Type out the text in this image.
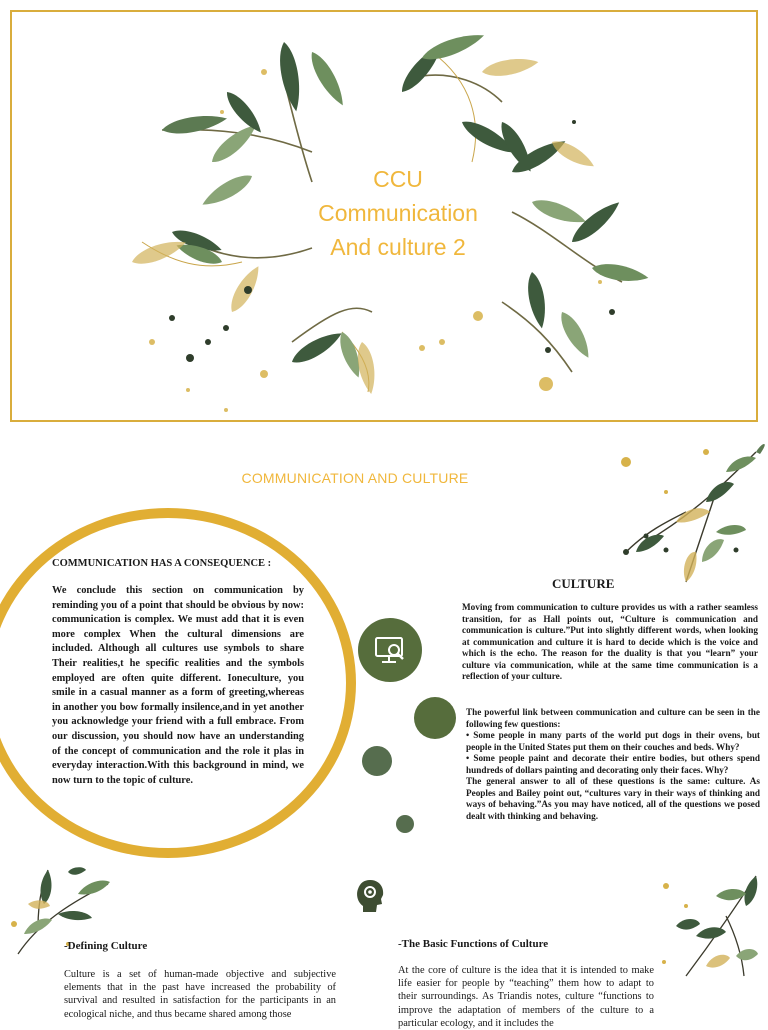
CCU
Communication
And culture 2
COMMUNICATION AND CULTURE
COMMUNICATION HAS A CONSEQUENCE :
We conclude this section on communication by reminding you of a point that should be obvious by now: communication is complex. We must add that it is even more complex When the cultural dimensions are included. Although all cultures use symbols to share Their realities,t he specific realities and the symbols employed are often quite different. Ioneculture, you smile in a casual manner as a form of greeting,whereas in another you bow formally insilence,and in yet another you acknowledge your friend with a full embrace. From our discussion, you should now have an understanding of the concept of communication and the role it plas in everyday interaction.With this background in mind, we now turn to the topic of culture.
CULTURE
Moving from communication to culture provides us with a rather seamless transition, for as Hall points out, “Culture is communication and communication is culture.”Put into slightly different words, when looking at communication and culture it is hard to decide which is the voice and which is the echo. The reason for the duality is that you “learn” your culture via communication, while at the same time communication is a reflection of your culture.
The powerful link between communication and culture can be seen in the following few questions:
• Some people in many parts of the world put dogs in their ovens, but people in the United States put them on their couches and beds. Why?
• Some people paint and decorate their entire bodies, but others spend hundreds of dollars painting and decorating only their faces. Why?
The general answer to all of these questions is the same: culture. As Peoples and Bailey point out, “cultures vary in their ways of thinking and ways of behaving.”As you may have noticed, all of the questions we posed dealt with thinking and behaving.
-Defining Culture
Culture is a set of human-made objective and subjective elements that in the past have increased the probability of survival and resulted in satisfaction for the participants in an ecological niche, and thus became shared among those
-The Basic Functions of Culture
At the core of culture is the idea that it is intended to make life easier for people by “teaching” them how to adapt to their surroundings. As Triandis notes, culture “functions to improve the adaptation of members of the culture to a particular ecology, and it includes the
